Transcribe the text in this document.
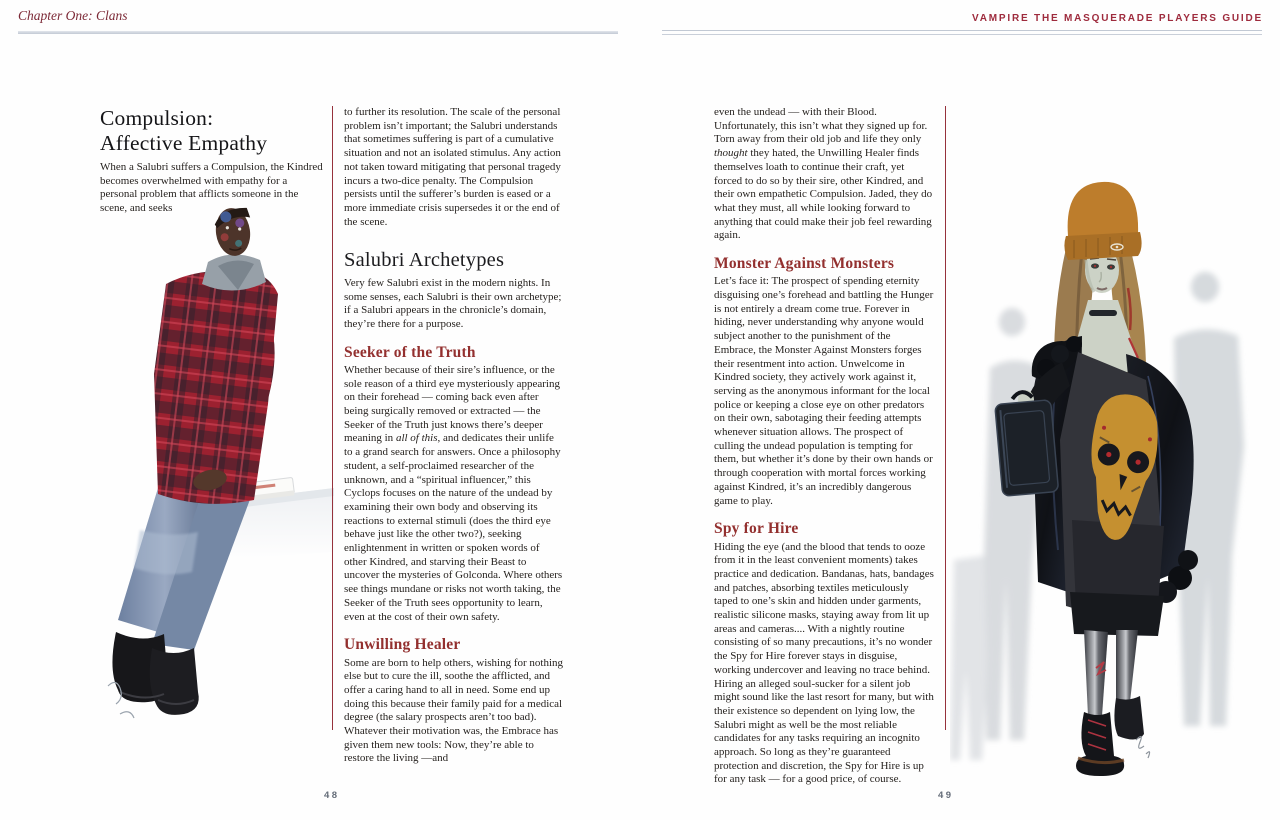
Chapter One: Clans	VAMPIRE THE MASQUERADE PLAYERS GUIDE
Compulsion:
Affective Empathy

When a Salubri suffers a Compulsion, the Kindred becomes overwhelmed with empathy for a personal problem that afflicts someone in the scene, and seeks

to further its resolution. The scale of the personal problem isn’t important; the Salubri understands that sometimes suffering is part of a cumulative situation and not an isolated stimulus. Any action not taken toward mitigating that personal tragedy incurs a two-dice penalty. The Compulsion persists until the sufferer’s burden is eased or a more immediate crisis supersedes it or the end of the scene.

Salubri Archetypes

Very few Salubri exist in the modern nights. In some senses, each Salubri is their own archetype; if a Salubri appears in the chronicle’s domain, they’re there for a purpose.

Seeker of the Truth

Whether because of their sire’s influence, or the sole reason of a third eye mysteriously appearing on their forehead — coming back even after being surgically removed or extracted — the Seeker of the Truth just knows there’s deeper meaning in all of this, and dedicates their unlife to a grand search for answers. Once a philosophy student, a self-proclaimed researcher of the unknown, and a “spiritual influencer,” this Cyclops focuses on the nature of the undead by examining their own body and observing its reactions to external stimuli (does the third eye behave just like the other two?), seeking enlightenment in written or spoken words of other Kindred, and starving their Beast to uncover the mysteries of Golconda. Where others see things mundane or risks not worth taking, the Seeker of the Truth sees opportunity to learn, even at the cost of their own safety.

Unwilling Healer

Some are born to help others, wishing for nothing else but to cure the ill, soothe the afflicted, and offer a caring hand to all in need. Some end up doing this because their family paid for a medical degree (the salary prospects aren’t too bad). Whatever their motivation was, the Embrace has given them new tools: Now, they’re able to restore the living —and

even the undead — with their Blood. Unfortunately, this isn’t what they signed up for. Torn away from their old job and life they only thought they hated, the Unwilling Healer finds themselves loath to continue their craft, yet forced to do so by their sire, other Kindred, and their own empathetic Compulsion. Jaded, they do what they must, all while looking forward to anything that could make their job feel rewarding again.

Monster Against Monsters

Let’s face it: The prospect of spending eternity disguising one’s forehead and battling the Hunger is not entirely a dream come true. Forever in hiding, never understanding why anyone would subject another to the punishment of the Embrace, the Monster Against Monsters forges their resentment into action. Unwelcome in Kindred society, they actively work against it, serving as the anonymous informant for the local police or keeping a close eye on other predators on their own, sabotaging their feeding attempts whenever situation allows. The prospect of culling the undead population is tempting for them, but whether it’s done by their own hands or through cooperation with mortal forces working against Kindred, it’s an incredibly dangerous game to play.

Spy for Hire

Hiding the eye (and the blood that tends to ooze from it in the least convenient moments) takes practice and dedication. Bandanas, hats, bandages and patches, absorbing textiles meticulously taped to one’s skin and hidden under garments, realistic silicone masks, staying away from lit up areas and cameras.... With a nightly routine consisting of so many precautions, it’s no wonder the Spy for Hire forever stays in disguise, working undercover and leaving no trace behind. Hiring an alleged soul-sucker for a silent job might sound like the last resort for many, but with their existence so dependent on lying low, the Salubri might as well be the most reliable candidates for any tasks requiring an incognito approach. So long as they’re guaranteed protection and discretion, the Spy for Hire is up for any task — for a good price, of course.

48	49
